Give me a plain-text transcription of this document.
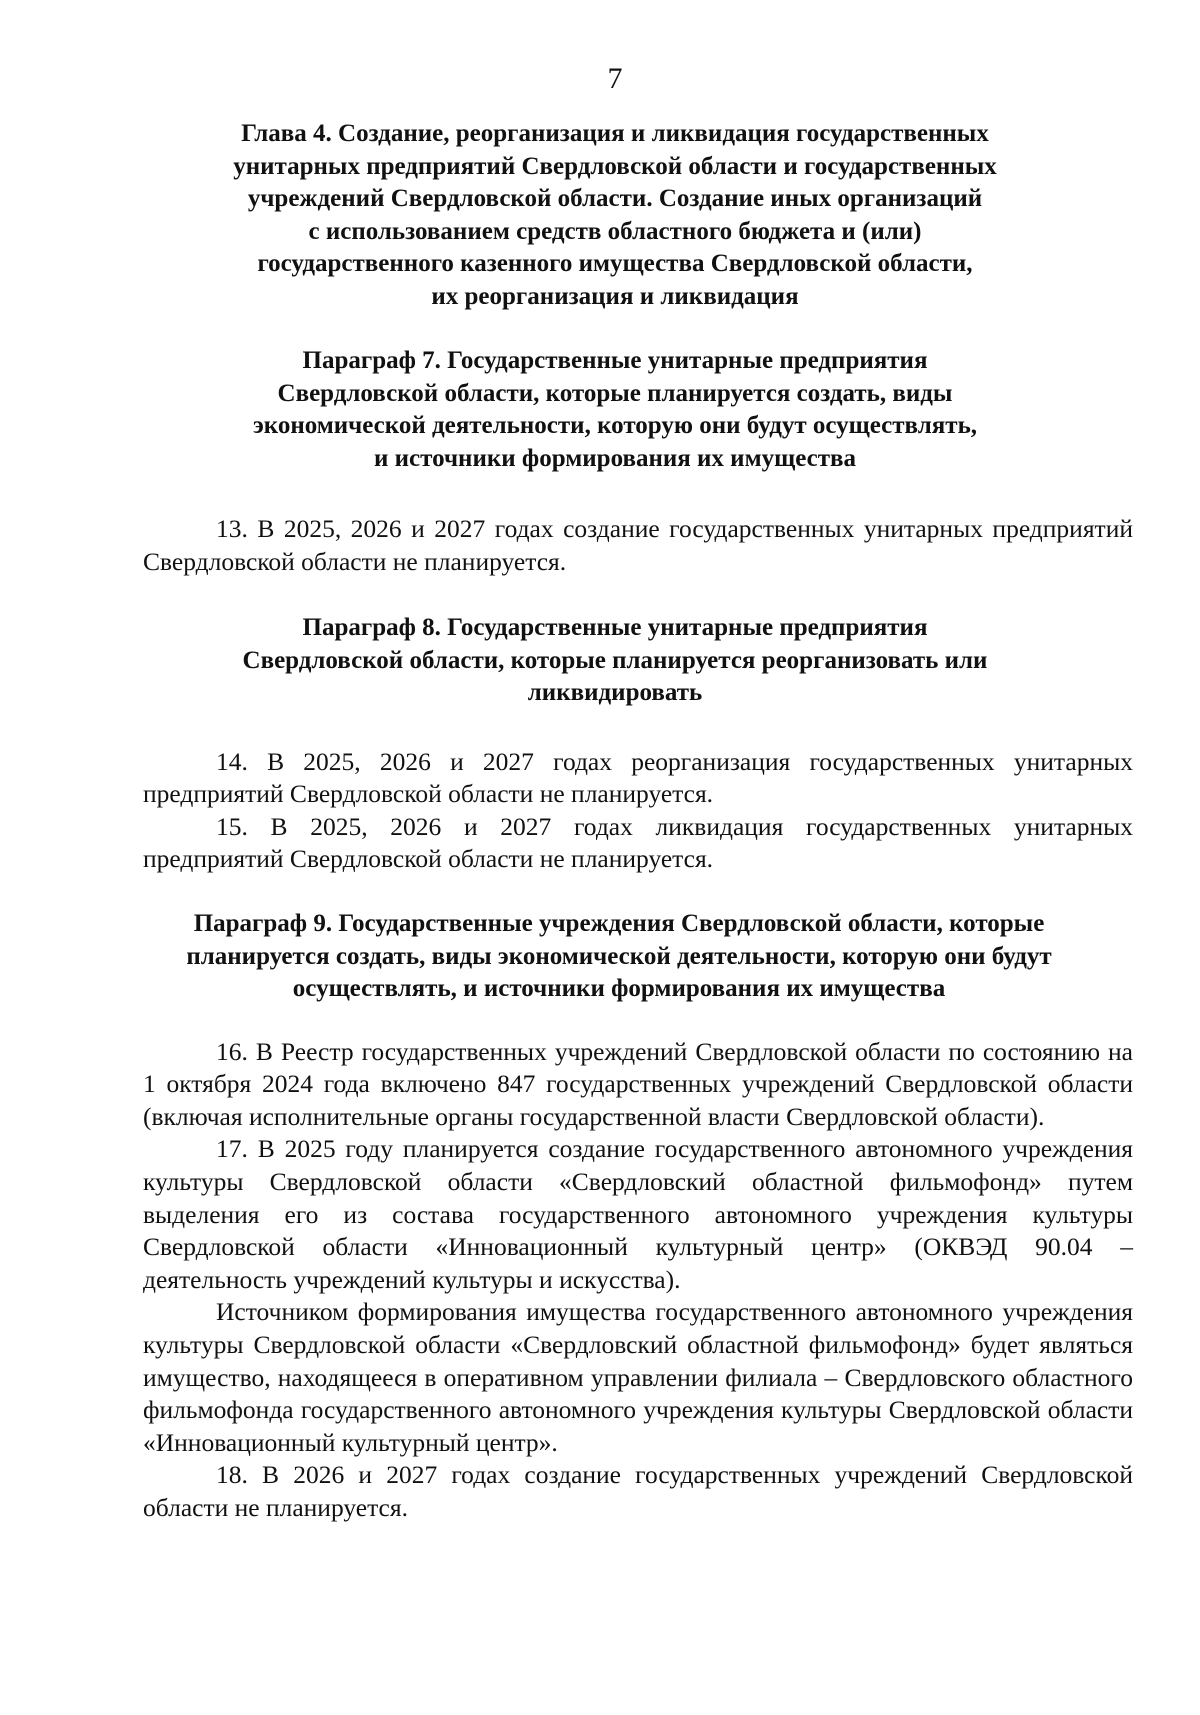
7
Глава 4. Создание, реорганизация и ликвидация государственных
унитарных предприятий Свердловской области и государственных
учреждений Свердловской области. Создание иных организаций
с использованием средств областного бюджета и (или)
государственного казенного имущества Свердловской области,
их реорганизация и ликвидация
Параграф 7. Государственные унитарные предприятия
Свердловской области, которые планируется создать, виды
экономической деятельности, которую они будут осуществлять,
и источники формирования их имущества

13. В 2025, 2026 и 2027 годах создание государственных унитарных предприятий Свердловской области не планируется.

Параграф 8. Государственные унитарные предприятия
Свердловской области, которые планируется реорганизовать или
ликвидировать

14. В 2025, 2026 и 2027 годах реорганизация государственных унитарных предприятий Свердловской области не планируется.

15. В 2025, 2026 и 2027 годах ликвидация государственных унитарных предприятий Свердловской области не планируется.

Параграф 9. Государственные учреждения Свердловской области, которые
планируется создать, виды экономической деятельности, которую они будут
осуществлять, и источники формирования их имущества

16. В Реестр государственных учреждений Свердловской области по состоянию на 1 октября 2024 года включено 847 государственных учреждений Свердловской области (включая исполнительные органы государственной власти Свердловской области).

17. В 2025 году планируется создание государственного автономного учреждения культуры Свердловской области «Свердловский областной фильмофонд» путем выделения его из состава государственного автономного учреждения культуры Свердловской области «Инновационный культурный центр» (ОКВЭД 90.04 – деятельность учреждений культуры и искусства).

Источником формирования имущества государственного автономного учреждения культуры Свердловской области «Свердловский областной фильмофонд» будет являться имущество, находящееся в оперативном управлении филиала – Свердловского областного фильмофонда государственного автономного учреждения культуры Свердловской области «Инновационный культурный центр».

18. В 2026 и 2027 годах создание государственных учреждений Свердловской области не планируется.
